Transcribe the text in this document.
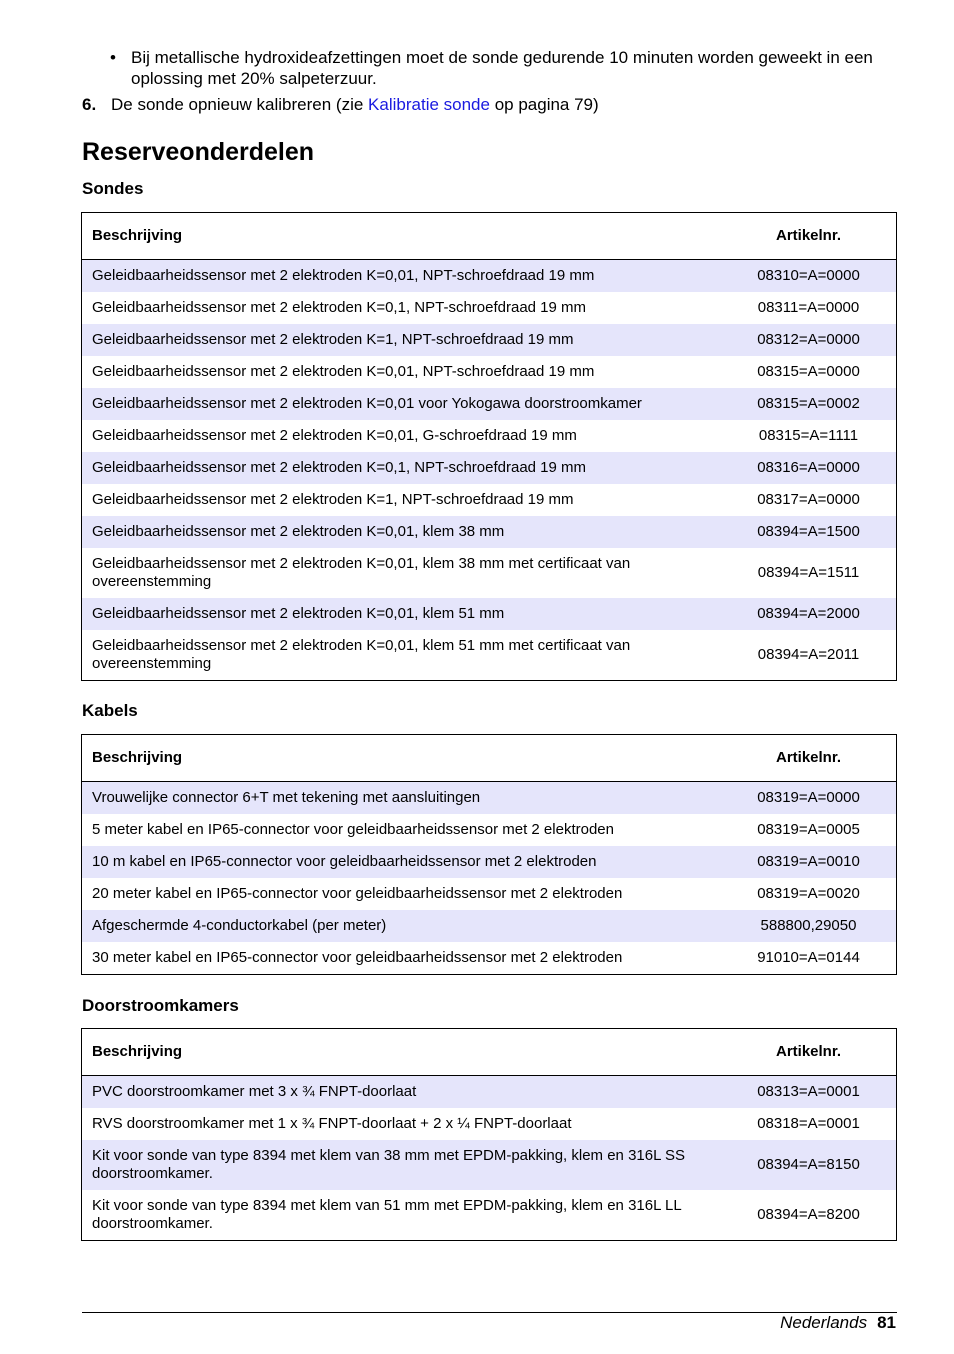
• Bij metallische hydroxideafzettingen moet de sonde gedurende 10 minuten worden geweekt in een oplossing met 20% salpeterzuur.
6. De sonde opnieuw kalibreren (zie Kalibratie sonde op pagina 79)
Reserveonderdelen
Sondes
Beschrijving	Artikelnr.
Geleidbaarheidssensor met 2 elektroden K=0,01, NPT-schroefdraad 19 mm	08310=A=0000
Geleidbaarheidssensor met 2 elektroden K=0,1, NPT-schroefdraad 19 mm	08311=A=0000
Geleidbaarheidssensor met 2 elektroden K=1, NPT-schroefdraad 19 mm	08312=A=0000
Geleidbaarheidssensor met 2 elektroden K=0,01, NPT-schroefdraad 19 mm	08315=A=0000
Geleidbaarheidssensor met 2 elektroden K=0,01 voor Yokogawa doorstroomkamer	08315=A=0002
Geleidbaarheidssensor met 2 elektroden K=0,01, G-schroefdraad 19 mm	08315=A=1111
Geleidbaarheidssensor met 2 elektroden K=0,1, NPT-schroefdraad 19 mm	08316=A=0000
Geleidbaarheidssensor met 2 elektroden K=1, NPT-schroefdraad 19 mm	08317=A=0000
Geleidbaarheidssensor met 2 elektroden K=0,01, klem 38 mm	08394=A=1500
Geleidbaarheidssensor met 2 elektroden K=0,01, klem 38 mm met certificaat van overeenstemming	08394=A=1511
Geleidbaarheidssensor met 2 elektroden K=0,01, klem 51 mm	08394=A=2000
Geleidbaarheidssensor met 2 elektroden K=0,01, klem 51 mm met certificaat van overeenstemming	08394=A=2011
Kabels
Beschrijving	Artikelnr.
Vrouwelijke connector 6+T met tekening met aansluitingen	08319=A=0000
5 meter kabel en IP65-connector voor geleidbaarheidssensor met 2 elektroden	08319=A=0005
10 m kabel en IP65-connector voor geleidbaarheidssensor met 2 elektroden	08319=A=0010
20 meter kabel en IP65-connector voor geleidbaarheidssensor met 2 elektroden	08319=A=0020
Afgeschermde 4-conductorkabel (per meter)	588800,29050
30 meter kabel en IP65-connector voor geleidbaarheidssensor met 2 elektroden	91010=A=0144
Doorstroomkamers
Beschrijving	Artikelnr.
PVC doorstroomkamer met 3 x ¾ FNPT-doorlaat	08313=A=0001
RVS doorstroomkamer met 1 x ¾ FNPT-doorlaat + 2 x ¼ FNPT-doorlaat	08318=A=0001
Kit voor sonde van type 8394 met klem van 38 mm met EPDM-pakking, klem en 316L SS doorstroomkamer.	08394=A=8150
Kit voor sonde van type 8394 met klem van 51 mm met EPDM-pakking, klem en 316L LL doorstroomkamer.	08394=A=8200
Nederlands 81
